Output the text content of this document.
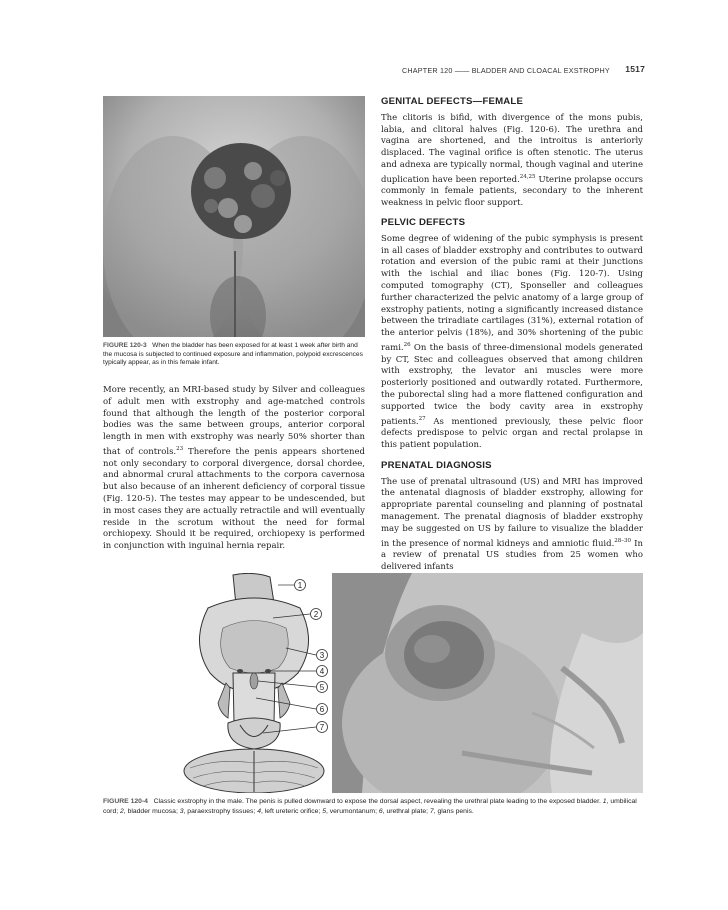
CHAPTER 120 —— BLADDER AND CLOACAL EXSTROPHY 1517
FIGURE 120-3 When the bladder has been exposed for at least 1 week after birth and the mucosa is subjected to continued exposure and inflammation, polypoid excrescences typically appear, as in this female infant.

More recently, an MRI-based study by Silver and colleagues of adult men with exstrophy and age-matched controls found that although the length of the posterior corporal bodies was the same between groups, anterior corporal length in men with exstrophy was nearly 50% shorter than that of controls.$^{23}$ Therefore the penis appears shortened not only secondary to corporal divergence, dorsal chordee, and abnormal crural attachments to the corpora cavernosa but also because of an inherent deficiency of corporal tissue (Fig. 120-5). The testes may appear to be undescended, but in most cases they are actually retractile and will eventually reside in the scrotum without the need for formal orchiopexy. Should it be required, orchiopexy is performed in conjunction with inguinal hernia repair.

GENITAL DEFECTS—FEMALE

The clitoris is bifid, with divergence of the mons pubis, labia, and clitoral halves (Fig. 120-6). The urethra and vagina are shortened, and the introitus is anteriorly displaced. The vaginal orifice is often stenotic. The uterus and adnexa are typically normal, though vaginal and uterine duplication have been reported.$^{24,25}$ Uterine prolapse occurs commonly in female patients, secondary to the inherent weakness in pelvic floor support.

PELVIC DEFECTS

Some degree of widening of the pubic symphysis is present in all cases of bladder exstrophy and contributes to outward rotation and eversion of the pubic rami at their junctions with the ischial and iliac bones (Fig. 120-7). Using computed tomography (CT), Sponseller and colleagues further characterized the pelvic anatomy of a large group of exstrophy patients, noting a significantly increased distance between the triradiate cartilages (31%), external rotation of the anterior pelvis (18%), and 30% shortening of the pubic rami.$^{26}$ On the basis of three-dimensional models generated by CT, Stec and colleagues observed that among children with exstrophy, the levator ani muscles were more posteriorly positioned and outwardly rotated. Furthermore, the puborectal sling had a more flattened configuration and supported twice the body cavity area in exstrophy patients.$^{27}$ As mentioned previously, these pelvic floor defects predispose to pelvic organ and rectal prolapse in this patient population.

PRENATAL DIAGNOSIS

The use of prenatal ultrasound (US) and MRI has improved the antenatal diagnosis of bladder exstrophy, allowing for appropriate parental counseling and planning of postnatal management. The prenatal diagnosis of bladder exstrophy may be suggested on US by failure to visualize the bladder in the presence of normal kidneys and amniotic fluid.$^{28-30}$ In a review of prenatal US studies from 25 women who delivered infants

1
2
3
4
5
6
7
FIGURE 120-4 Classic exstrophy in the male. The penis is pulled downward to expose the dorsal aspect, revealing the urethral plate leading to the exposed bladder. 1, umbilical cord; 2, bladder mucosa; 3, paraexstrophy tissues; 4, left ureteric orifice; 5, verumontanum; 6, urethral plate; 7, glans penis.
